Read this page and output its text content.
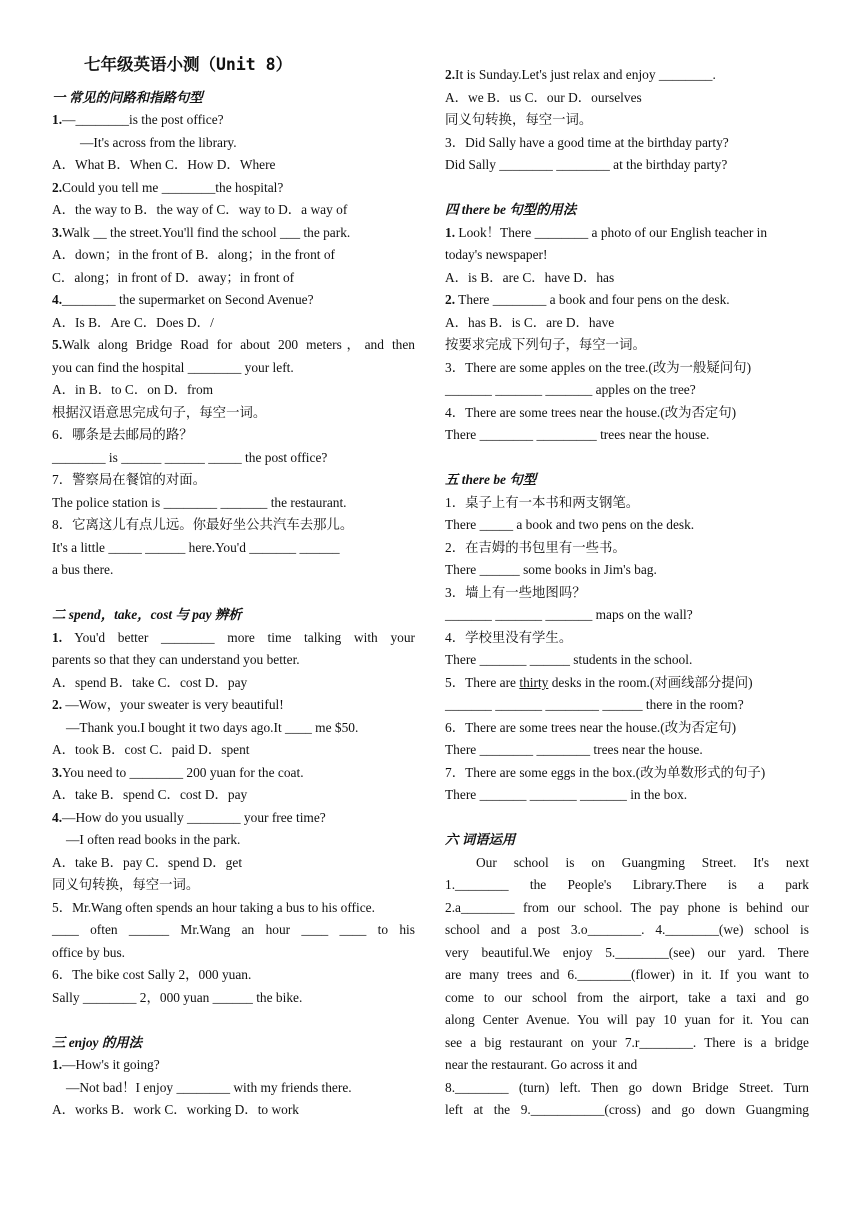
七年级英语小测（Unit 8）
一 常见的问路和指路句型
1.—________is the post office?
—It's across from the library.
A．What B．When C．How D．Where
2.Could you tell me ________the hospital?
A．the way to B．the way of C．way to D．a way of
3.Walk __ the street.You'll find the school ___ the park.
A．down；in the front of B．along；in the front of
C．along；in front of D．away；in front of
4.________ the supermarket on Second Avenue?
A．Is B．Are C．Does D．/
5.Walk along Bridge Road for about 200 meters，and then
you can find the hospital ________ your left.
A．in B．to C．on D．from
根据汉语意思完成句子，每空一词。
6．哪条是去邮局的路？
________ is ______ ______ _____ the post office?
7．警察局在餐馆的对面。
The police station is ________ _______ the restaurant.
8．它离这儿有点儿远。你最好坐公共汽车去那儿。
It's a little _____ ______ here.You'd _______ ______
a bus there.
二 spend，take，cost 与 pay 辨析
1. You'd better ________ more time talking with your
parents so that they can understand you better.
A．spend B．take C．cost D．pay
2. —Wow，your sweater is very beautiful!
—Thank you.I bought it two days ago.It ____ me $50.
A．took B．cost C．paid D．spent
3.You need to ________ 200 yuan for the coat.
A．take B．spend C．cost D．pay
4.—How do you usually ________ your free time?
—I often read books in the park.
A．take B．pay C．spend D．get
同义句转换，每空一词。
5．Mr.Wang often spends an hour taking a bus to his office.
____ often ______ Mr.Wang an hour ____ ____ to his
office by bus.
6．The bike cost Sally 2，000 yuan.
Sally ________ 2，000 yuan ______ the bike.
三 enjoy 的用法
1.—How's it going?
—Not bad！I enjoy ________ with my friends there.
A．works B．work C．working D．to work
2.It is Sunday.Let's just relax and enjoy ________.
A．we B．us C．our D．ourselves
同义句转换，每空一词。
3．Did Sally have a good time at the birthday party?
Did Sally ________ ________ at the birthday party?
四 there be 句型的用法
1. Look！There ________ a photo of our English teacher in
today's newspaper!
A．is B．are C．have D．has
2. There ________ a book and four pens on the desk.
A．has B．is C．are D．have
按要求完成下列句子，每空一词。
3．There are some apples on the tree.(改为一般疑问句)
_______ _______ _______ apples on the tree?
4．There are some trees near the house.(改为否定句)
There ________ _________ trees near the house.
五 there be 句型
1．桌子上有一本书和两支钢笔。
There _____ a book and two pens on the desk.
2．在吉姆的书包里有一些书。
There ______ some books in Jim's bag.
3．墙上有一些地图吗？
_______ _______ _______ maps on the wall?
4．学校里没有学生。
There _______ ______ students in the school.
5．There are thirty desks in the room.(对画线部分提问)
_______ _______ ________ ______ there in the room?
6．There are some trees near the house.(改为否定句)
There ________ ________ trees near the house.
7．There are some eggs in the box.(改为单数形式的句子)
There _______ _______ _______ in the box.
六 词语运用
Our school is on Guangming Street. It's next
1.________ the People's Library.There is a park
2.a________ from our school. The pay phone is behind our
school and a post 3.o________. 4.________(we) school is
very beautiful.We enjoy 5.________(see) our yard. There
are many trees and 6.________(flower) in it. If you want to
come to our school from the airport, take a taxi and go
along Center Avenue. You will pay 10 yuan for it. You can
see a big restaurant on your 7.r________. There is a bridge
near the restaurant. Go across it and
8.________ (turn) left. Then go down Bridge Street. Turn
left at the 9.___________(cross) and go down Guangming
